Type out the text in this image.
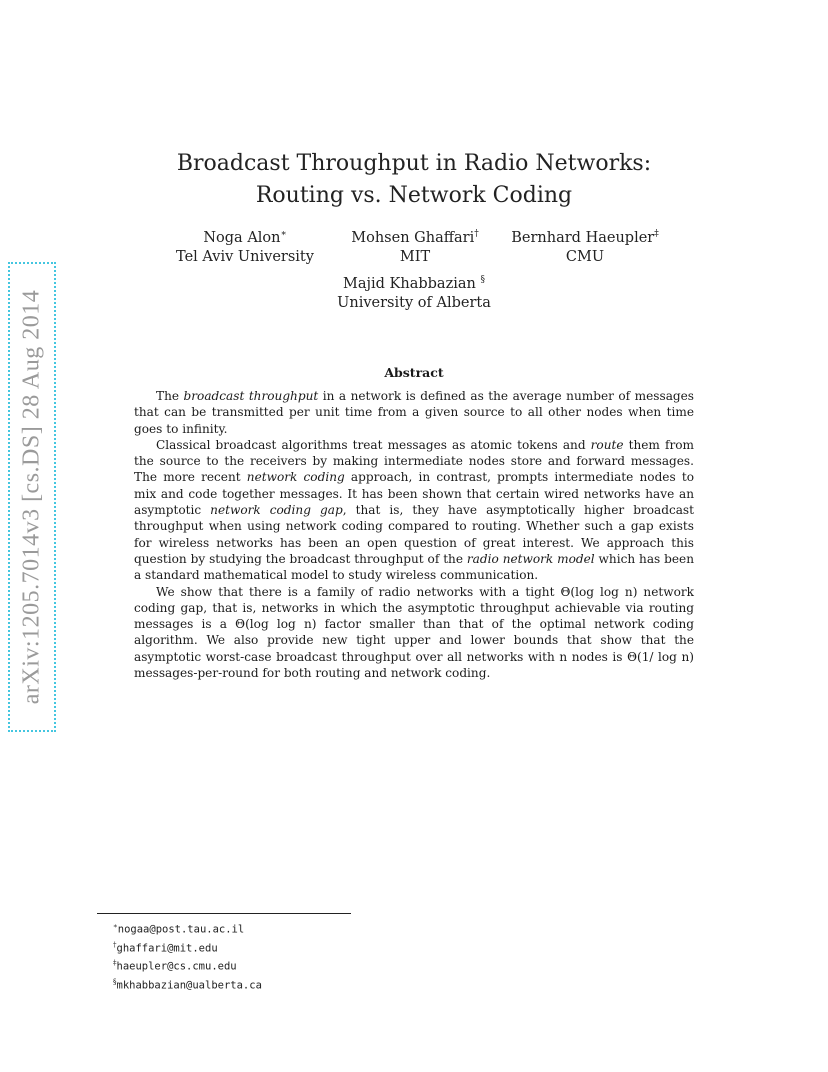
arXiv:1205.7014v3 [cs.DS] 28 Aug 2014
Broadcast Throughput in Radio Networks:
Routing vs. Network Coding
Noga Alon∗
Tel Aviv University
Mohsen Ghaffari†
MIT
Bernhard Haeupler‡
CMU
Majid Khabbazian §
University of Alberta
Abstract

The broadcast throughput in a network is defined as the average number of messages that can be transmitted per unit time from a given source to all other nodes when time goes to infinity.

Classical broadcast algorithms treat messages as atomic tokens and route them from the source to the receivers by making intermediate nodes store and forward messages. The more recent network coding approach, in contrast, prompts intermediate nodes to mix and code together messages. It has been shown that certain wired networks have an asymptotic network coding gap, that is, they have asymptotically higher broadcast throughput when using network coding compared to routing. Whether such a gap exists for wireless networks has been an open question of great interest. We approach this question by studying the broadcast throughput of the radio network model which has been a standard mathematical model to study wireless communication.

We show that there is a family of radio networks with a tight Θ(log log n) network coding gap, that is, networks in which the asymptotic throughput achievable via routing messages is a Θ(log log n) factor smaller than that of the optimal network coding algorithm. We also provide new tight upper and lower bounds that show that the asymptotic worst-case broadcast throughput over all networks with n nodes is Θ(1/ log n) messages-per-round for both routing and network coding.

∗nogaa@post.tau.ac.il
†ghaffari@mit.edu
‡haeupler@cs.cmu.edu
§mkhabbazian@ualberta.ca
